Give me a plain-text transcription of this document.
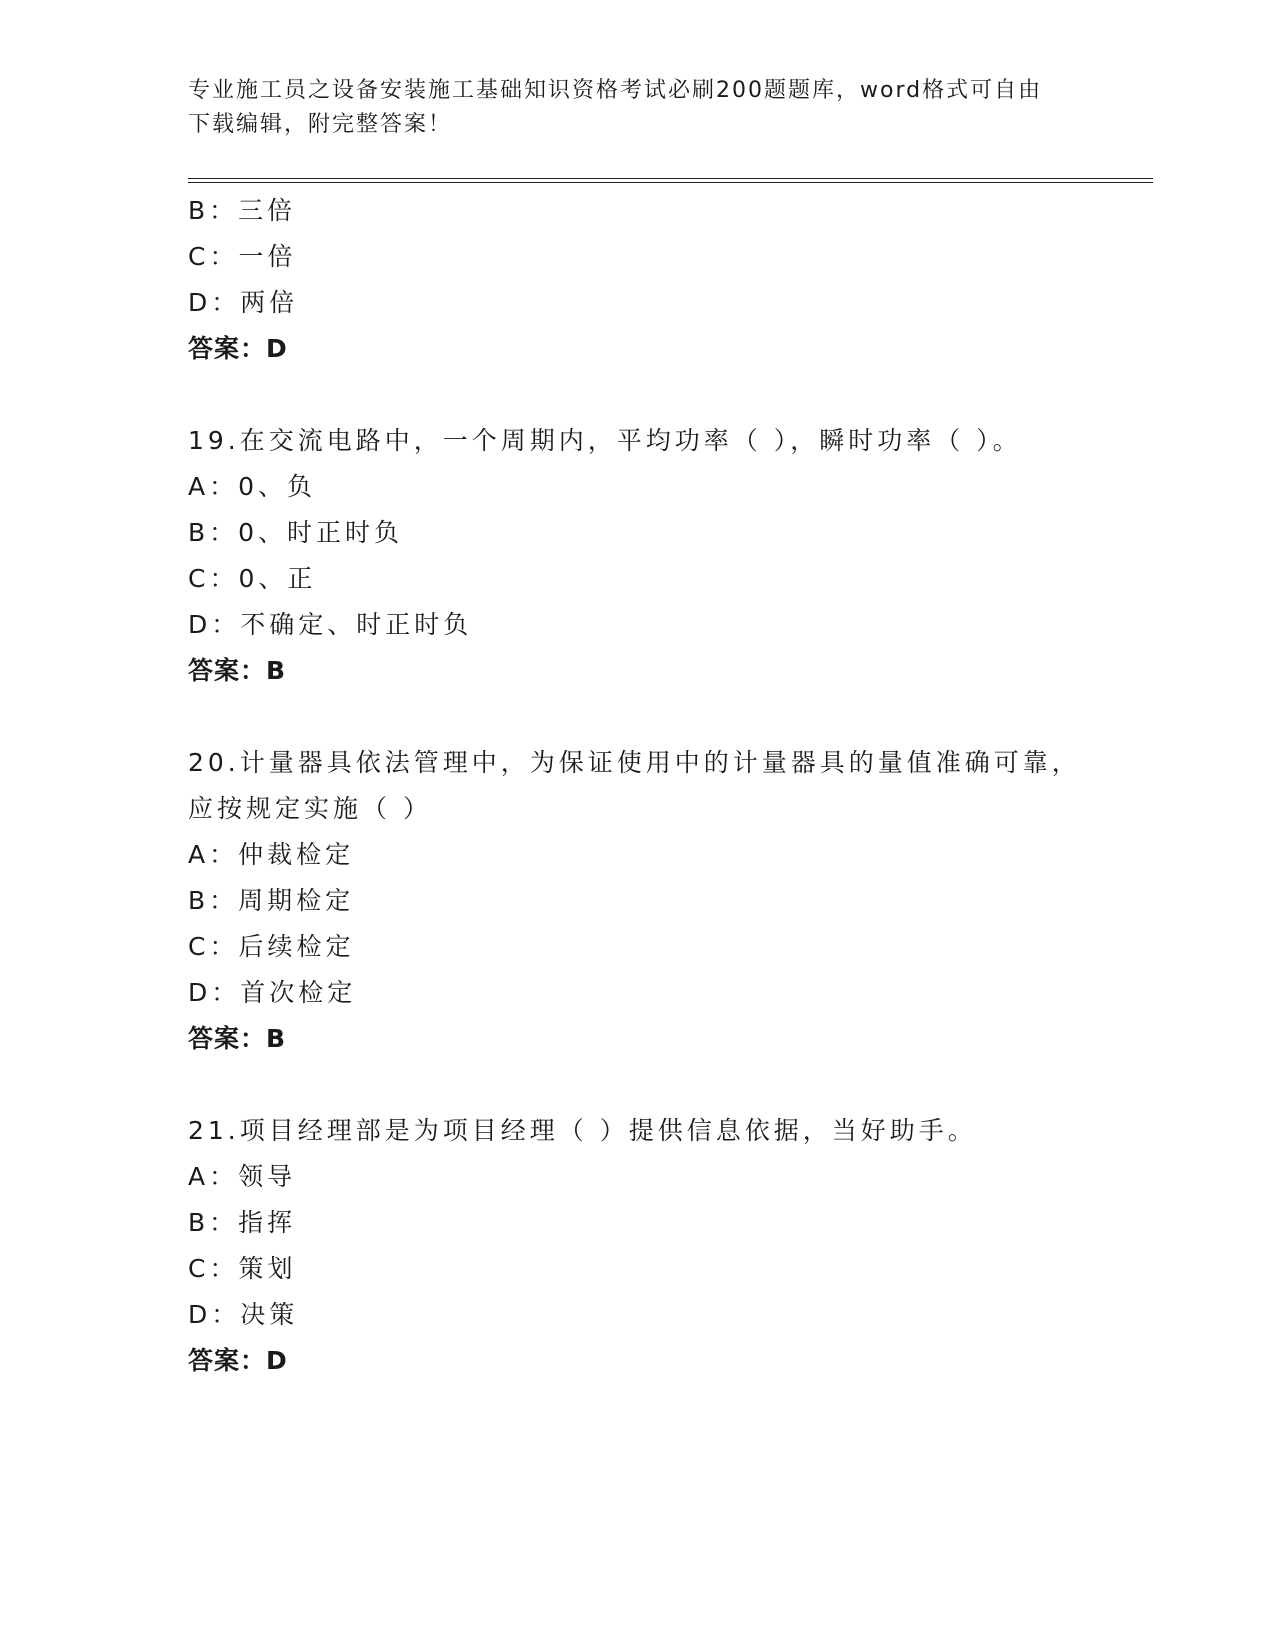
专业施工员之设备安装施工基础知识资格考试必刷200题题库，word格式可自由
下载编辑，附完整答案！
B：三倍
C：一倍
D：两倍
答案：D
19.在交流电路中，一个周期内，平均功率（ ），瞬时功率（ ）。
A：0、负
B：0、时正时负
C：0、正
D：不确定、时正时负
答案：B
20.计量器具依法管理中，为保证使用中的计量器具的量值准确可靠，
应按规定实施（ ）
A：仲裁检定
B：周期检定
C：后续检定
D：首次检定
答案：B
21.项目经理部是为项目经理（ ）提供信息依据，当好助手。
A：领导
B：指挥
C：策划
D：决策
答案：D
